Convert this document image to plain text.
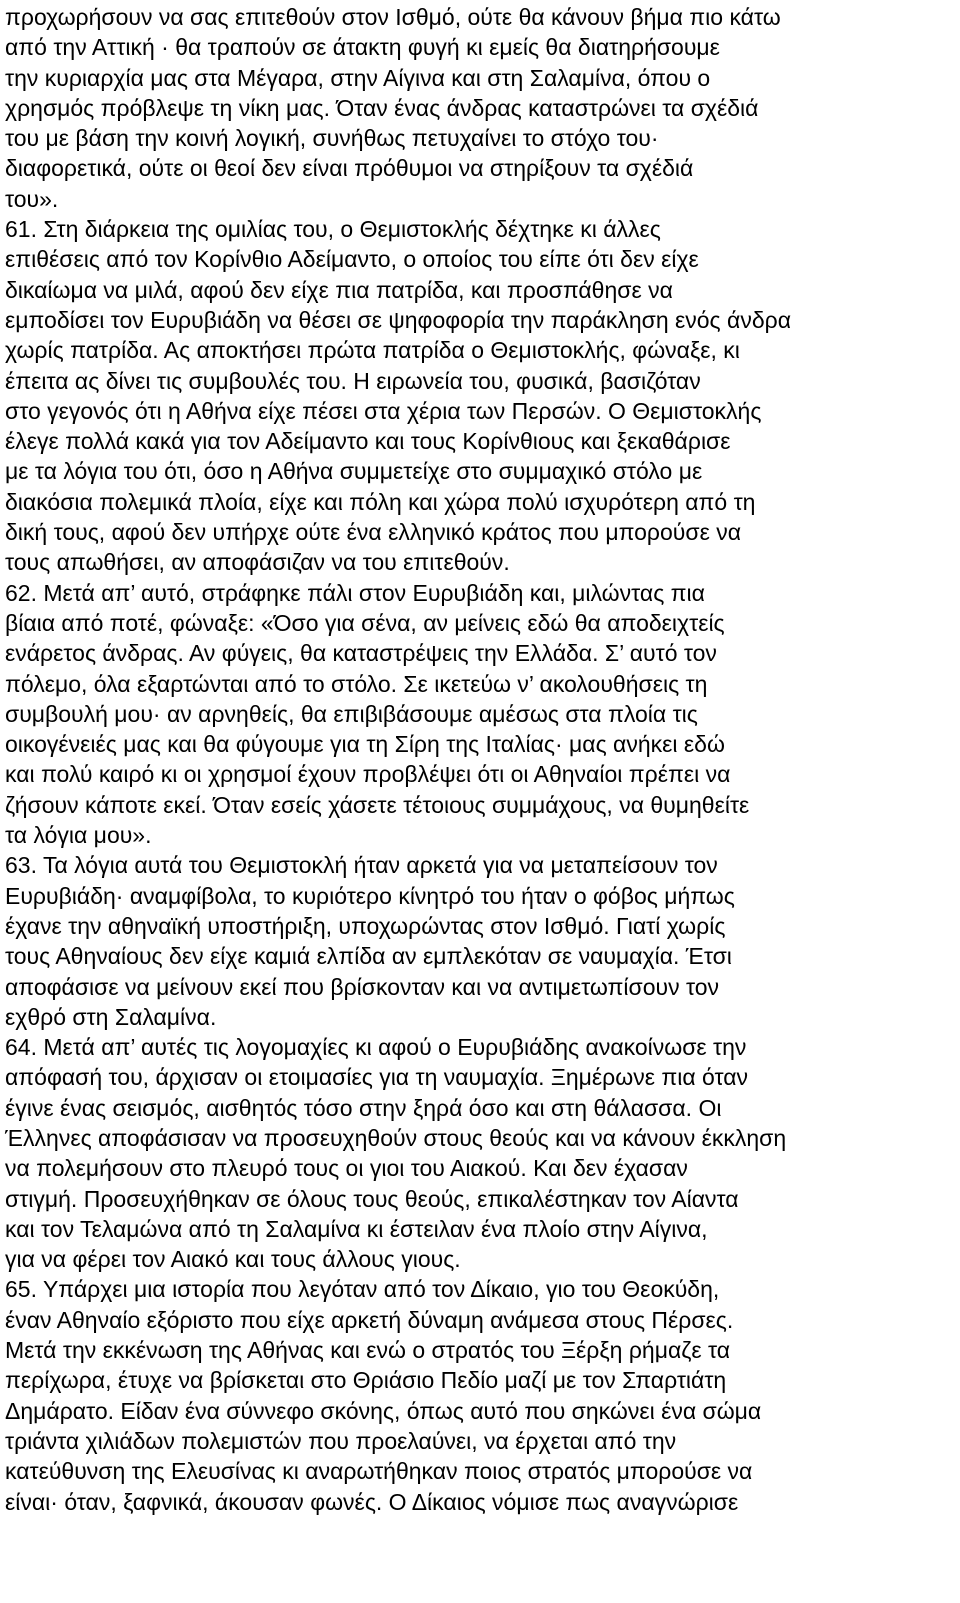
προχωρήσουν να σας επιτεθούν στον Ισθμό, ούτε θα κάνουν βήμα πιο κάτω
από την Αττική · θα τραπούν σε άτακτη φυγή κι εμείς θα διατηρήσουμε
την κυριαρχία μας στα Μέγαρα, στην Αίγινα και στη Σαλαμίνα, όπου ο
χρησμός πρόβλεψε τη νίκη μας. Όταν ένας άνδρας καταστρώνει τα σχέδιά
του με βάση την κοινή λογική, συνήθως πετυχαίνει το στόχο του·
διαφορετικά, ούτε οι θεοί δεν είναι πρόθυμοι να στηρίξουν τα σχέδιά
του».
61. Στη διάρκεια της ομιλίας του, ο Θεμιστοκλής δέχτηκε κι άλλες
επιθέσεις από τον Κορίνθιο Αδείμαντο, ο οποίος του είπε ότι δεν είχε
δικαίωμα να μιλά, αφού δεν είχε πια πατρίδα, και προσπάθησε να
εμποδίσει τον Ευρυβιάδη να θέσει σε ψηφοφορία την παράκληση ενός άνδρα
χωρίς πατρίδα. Ας αποκτήσει πρώτα πατρίδα ο Θεμιστοκλής, φώναξε, κι
έπειτα ας δίνει τις συμβουλές του. Η ειρωνεία του, φυσικά, βασιζόταν
στο γεγονός ότι η Αθήνα είχε πέσει στα χέρια των Περσών. Ο Θεμιστοκλής
έλεγε πολλά κακά για τον Αδείμαντο και τους Κορίνθιους και ξεκαθάρισε
με τα λόγια του ότι, όσο η Αθήνα συμμετείχε στο συμμαχικό στόλο με
διακόσια πολεμικά πλοία, είχε και πόλη και χώρα πολύ ισχυρότερη από τη
δική τους, αφού δεν υπήρχε ούτε ένα ελληνικό κράτος που μπορούσε να
τους απωθήσει, αν αποφάσιζαν να του επιτεθούν.
62. Μετά απ’ αυτό, στράφηκε πάλι στον Ευρυβιάδη και, μιλώντας πια
βίαια από ποτέ, φώναξε: «Όσο για σένα, αν μείνεις εδώ θα αποδειχτείς
ενάρετος άνδρας. Αν φύγεις, θα καταστρέψεις την Ελλάδα. Σ’ αυτό τον
πόλεμο, όλα εξαρτώνται από το στόλο. Σε ικετεύω ν’ ακολουθήσεις τη
συμβουλή μου· αν αρνηθείς, θα επιβιβάσουμε αμέσως στα πλοία τις
οικογένειές μας και θα φύγουμε για τη Σίρη της Ιταλίας· μας ανήκει εδώ
και πολύ καιρό κι οι χρησμοί έχουν προβλέψει ότι οι Αθηναίοι πρέπει να
ζήσουν κάποτε εκεί. Όταν εσείς χάσετε τέτοιους συμμάχους, να θυμηθείτε
τα λόγια μου».
63. Τα λόγια αυτά του Θεμιστοκλή ήταν αρκετά για να μεταπείσουν τον
Ευρυβιάδη· αναμφίβολα, το κυριότερο κίνητρό του ήταν ο φόβος μήπως
έχανε την αθηναϊκή υποστήριξη, υποχωρώντας στον Ισθμό. Γιατί χωρίς
τους Αθηναίους δεν είχε καμιά ελπίδα αν εμπλεκόταν σε ναυμαχία. Έτσι
αποφάσισε να μείνουν εκεί που βρίσκονταν και να αντιμετωπίσουν τον
εχθρό στη Σαλαμίνα.
64. Μετά απ’ αυτές τις λογομαχίες κι αφού ο Ευρυβιάδης ανακοίνωσε την
απόφασή του, άρχισαν οι ετοιμασίες για τη ναυμαχία. Ξημέρωνε πια όταν
έγινε ένας σεισμός, αισθητός τόσο στην ξηρά όσο και στη θάλασσα. Οι
Έλληνες αποφάσισαν να προσευχηθούν στους θεούς και να κάνουν έκκληση
να πολεμήσουν στο πλευρό τους οι γιοι του Αιακού. Και δεν έχασαν
στιγμή. Προσευχήθηκαν σε όλους τους θεούς, επικαλέστηκαν τον Αίαντα
και τον Τελαμώνα από τη Σαλαμίνα κι έστειλαν ένα πλοίο στην Αίγινα,
για να φέρει τον Αιακό και τους άλλους γιους.
65. Υπάρχει μια ιστορία που λεγόταν από τον Δίκαιο, γιο του Θεοκύδη,
έναν Αθηναίο εξόριστο που είχε αρκετή δύναμη ανάμεσα στους Πέρσες.
Μετά την εκκένωση της Αθήνας και ενώ ο στρατός του Ξέρξη ρήμαζε τα
περίχωρα, έτυχε να βρίσκεται στο Θριάσιο Πεδίο μαζί με τον Σπαρτιάτη
Δημάρατο. Είδαν ένα σύννεφο σκόνης, όπως αυτό που σηκώνει ένα σώμα
τριάντα χιλιάδων πολεμιστών που προελαύνει, να έρχεται από την
κατεύθυνση της Ελευσίνας κι αναρωτήθηκαν ποιος στρατός μπορούσε να
είναι· όταν, ξαφνικά, άκουσαν φωνές. Ο Δίκαιος νόμισε πως αναγνώρισε
